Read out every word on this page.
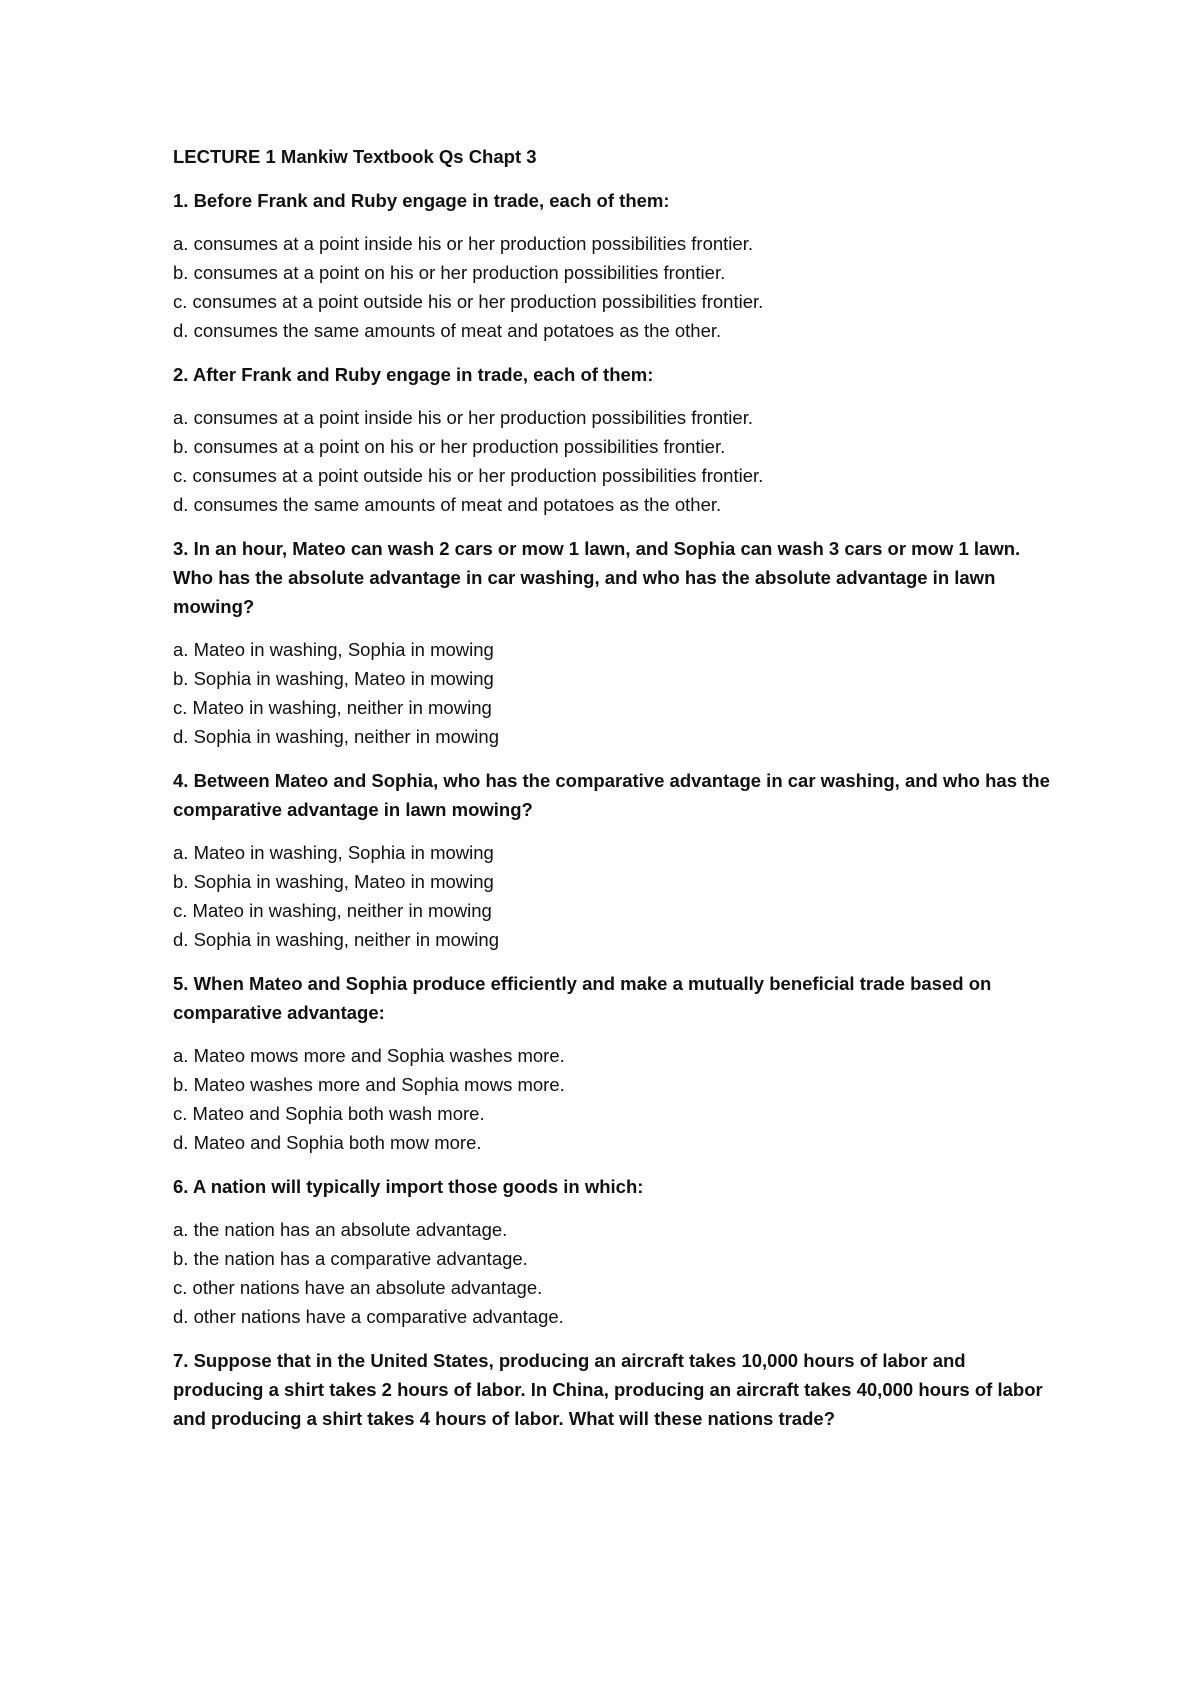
LECTURE 1 Mankiw Textbook Qs Chapt 3
1. Before Frank and Ruby engage in trade, each of them:
a. consumes at a point inside his or her production possibilities frontier.
b. consumes at a point on his or her production possibilities frontier.
c. consumes at a point outside his or her production possibilities frontier.
d. consumes the same amounts of meat and potatoes as the other.
2. After Frank and Ruby engage in trade, each of them:
a. consumes at a point inside his or her production possibilities frontier.
b. consumes at a point on his or her production possibilities frontier.
c. consumes at a point outside his or her production possibilities frontier.
d. consumes the same amounts of meat and potatoes as the other.
3. In an hour, Mateo can wash 2 cars or mow 1 lawn, and Sophia can wash 3 cars or mow 1 lawn. Who has the absolute advantage in car washing, and who has the absolute advantage in lawn mowing?
a. Mateo in washing, Sophia in mowing
b. Sophia in washing, Mateo in mowing
c. Mateo in washing, neither in mowing
d. Sophia in washing, neither in mowing
4. Between Mateo and Sophia, who has the comparative advantage in car washing, and who has the comparative advantage in lawn mowing?
a. Mateo in washing, Sophia in mowing
b. Sophia in washing, Mateo in mowing
c. Mateo in washing, neither in mowing
d. Sophia in washing, neither in mowing
5. When Mateo and Sophia produce efficiently and make a mutually beneficial trade based on comparative advantage:
a. Mateo mows more and Sophia washes more.
b. Mateo washes more and Sophia mows more.
c. Mateo and Sophia both wash more.
d. Mateo and Sophia both mow more.
6. A nation will typically import those goods in which:
a. the nation has an absolute advantage.
b. the nation has a comparative advantage.
c. other nations have an absolute advantage.
d. other nations have a comparative advantage.
7. Suppose that in the United States, producing an aircraft takes 10,000 hours of labor and producing a shirt takes 2 hours of labor. In China, producing an aircraft takes 40,000 hours of labor and producing a shirt takes 4 hours of labor. What will these nations trade?
